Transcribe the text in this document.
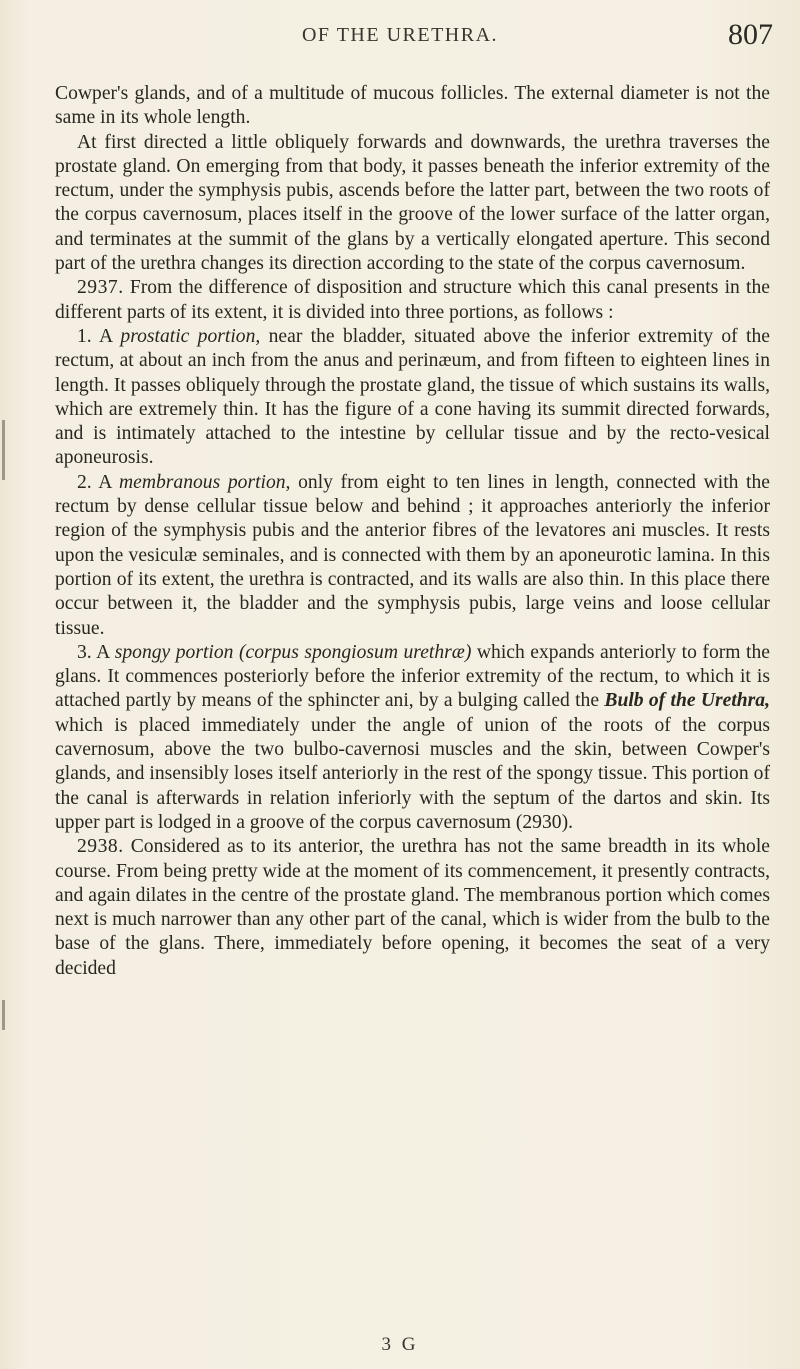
OF THE URETHRA.	807

Cowper's glands, and of a multitude of mucous follicles. The external diameter is not the same in its whole length.

At first directed a little obliquely forwards and downwards, the urethra traverses the prostate gland. On emerging from that body, it passes beneath the inferior extremity of the rectum, under the symphysis pubis, ascends before the latter part, between the two roots of the corpus cavernosum, places itself in the groove of the lower surface of the latter organ, and terminates at the summit of the glans by a vertically elongated aperture. This second part of the urethra changes its direction according to the state of the corpus cavernosum.

2937. From the difference of disposition and structure which this canal presents in the different parts of its extent, it is divided into three portions, as follows :

1. A prostatic portion, near the bladder, situated above the inferior extremity of the rectum, at about an inch from the anus and perinæum, and from fifteen to eighteen lines in length. It passes obliquely through the prostate gland, the tissue of which sustains its walls, which are extremely thin. It has the figure of a cone having its summit directed forwards, and is intimately attached to the intestine by cellular tissue and by the recto-vesical aponeurosis.

2. A membranous portion, only from eight to ten lines in length, connected with the rectum by dense cellular tissue below and behind ; it approaches anteriorly the inferior region of the symphysis pubis and the anterior fibres of the levatores ani muscles. It rests upon the vesiculæ seminales, and is connected with them by an aponeurotic lamina. In this portion of its extent, the urethra is contracted, and its walls are also thin. In this place there occur between it, the bladder and the symphysis pubis, large veins and loose cellular tissue.

3. A spongy portion (corpus spongiosum urethræ) which expands anteriorly to form the glans. It commences posteriorly before the inferior extremity of the rectum, to which it is attached partly by means of the sphincter ani, by a bulging called the Bulb of the Urethra, which is placed immediately under the angle of union of the roots of the corpus cavernosum, above the two bulbo-cavernosi muscles and the skin, between Cowper's glands, and insensibly loses itself anteriorly in the rest of the spongy tissue. This portion of the canal is afterwards in relation inferiorly with the septum of the dartos and skin. Its upper part is lodged in a groove of the corpus cavernosum (2930).

2938. Considered as to its anterior, the urethra has not the same breadth in its whole course. From being pretty wide at the moment of its commencement, it presently contracts, and again dilates in the centre of the prostate gland. The membranous portion which comes next is much narrower than any other part of the canal, which is wider from the bulb to the base of the glans. There, immediately before opening, it becomes the seat of a very decided

3 G
